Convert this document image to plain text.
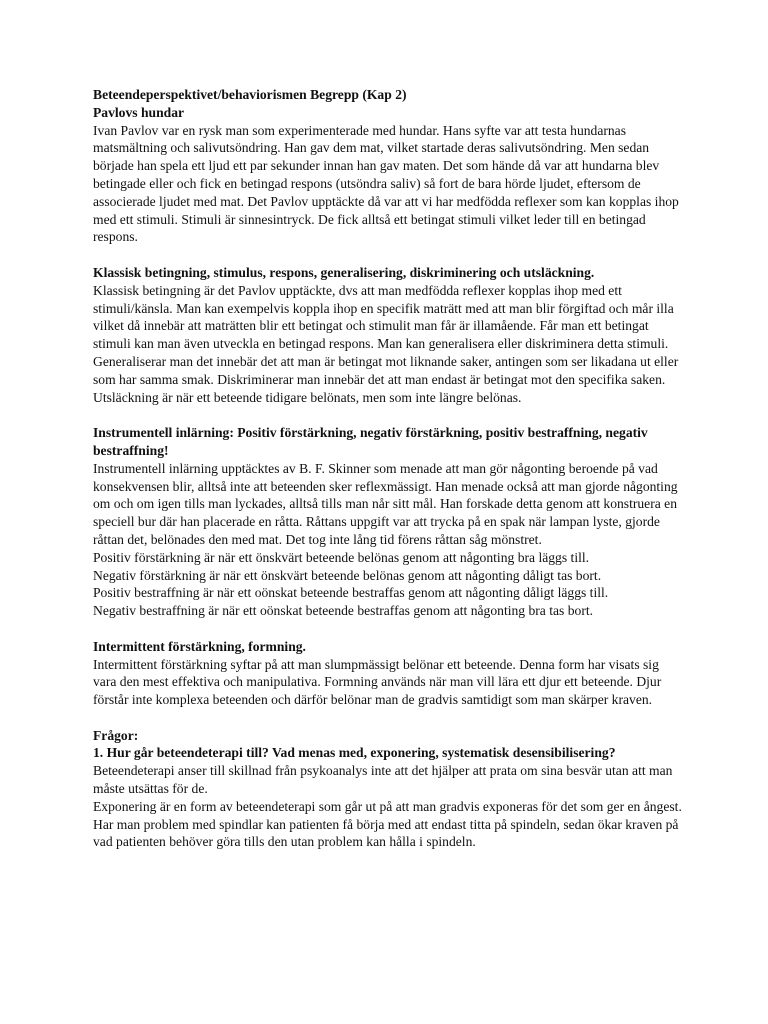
Beteendeperspektivet/behaviorismen Begrepp (Kap 2)

Pavlovs hundar

Ivan Pavlov var en rysk man som experimenterade med hundar. Hans syfte var att testa hundarnas matsmältning och salivutsöndring. Han gav dem mat, vilket startade deras salivutsöndring. Men sedan började han spela ett ljud ett par sekunder innan han gav maten. Det som hände då var att hundarna blev betingade eller och fick en betingad respons (utsöndra saliv) så fort de bara hörde ljudet, eftersom de associerade ljudet med mat. Det Pavlov upptäckte då var att vi har medfödda reflexer som kan kopplas ihop med ett stimuli. Stimuli är sinnesintryck. De fick alltså ett betingat stimuli vilket leder till en betingad respons.

Klassisk betingning, stimulus, respons, generalisering, diskriminering och utsläckning.

Klassisk betingning är det Pavlov upptäckte, dvs att man medfödda reflexer kopplas ihop med ett stimuli/känsla. Man kan exempelvis koppla ihop en specifik maträtt med att man blir förgiftad och mår illa vilket då innebär att maträtten blir ett betingat och stimulit man får är illamående. Får man ett betingat stimuli kan man även utveckla en betingad respons. Man kan generalisera eller diskriminera detta stimuli. Generaliserar man det innebär det att man är betingat mot liknande saker, antingen som ser likadana ut eller som har samma smak. Diskriminerar man innebär det att man endast är betingat mot den specifika saken. Utsläckning är när ett beteende tidigare belönats, men som inte längre belönas.

Instrumentell inlärning: Positiv förstärkning, negativ förstärkning, positiv bestraffning, negativ bestraffning!

Instrumentell inlärning upptäcktes av B. F. Skinner som menade att man gör någonting beroende på vad konsekvensen blir, alltså inte att beteenden sker reflexmässigt. Han menade också att man gjorde någonting om och om igen tills man lyckades, alltså tills man når sitt mål. Han forskade detta genom att konstruera en speciell bur där han placerade en råtta. Råttans uppgift var att trycka på en spak när lampan lyste, gjorde råttan det, belönades den med mat. Det tog inte lång tid förens råttan såg mönstret.

Positiv förstärkning är när ett önskvärt beteende belönas genom att någonting bra läggs till.

Negativ förstärkning är när ett önskvärt beteende belönas genom att någonting dåligt tas bort.

Positiv bestraffning är när ett oönskat beteende bestraffas genom att någonting dåligt läggs till.

Negativ bestraffning är när ett oönskat beteende bestraffas genom att någonting bra tas bort.

Intermittent förstärkning, formning.

Intermittent förstärkning syftar på att man slumpmässigt belönar ett beteende. Denna form har visats sig vara den mest effektiva och manipulativa. Formning används när man vill lära ett djur ett beteende. Djur förstår inte komplexa beteenden och därför belönar man de gradvis samtidigt som man skärper kraven.

Frågor:

1. Hur går beteendeterapi till? Vad menas med, exponering, systematisk desensibilisering?

Beteendeterapi anser till skillnad från psykoanalys inte att det hjälper att prata om sina besvär utan att man måste utsättas för de.

Exponering är en form av beteendeterapi som går ut på att man gradvis exponeras för det som ger en ångest. Har man problem med spindlar kan patienten få börja med att endast titta på spindeln, sedan ökar kraven på vad patienten behöver göra tills den utan problem kan hålla i spindeln.
